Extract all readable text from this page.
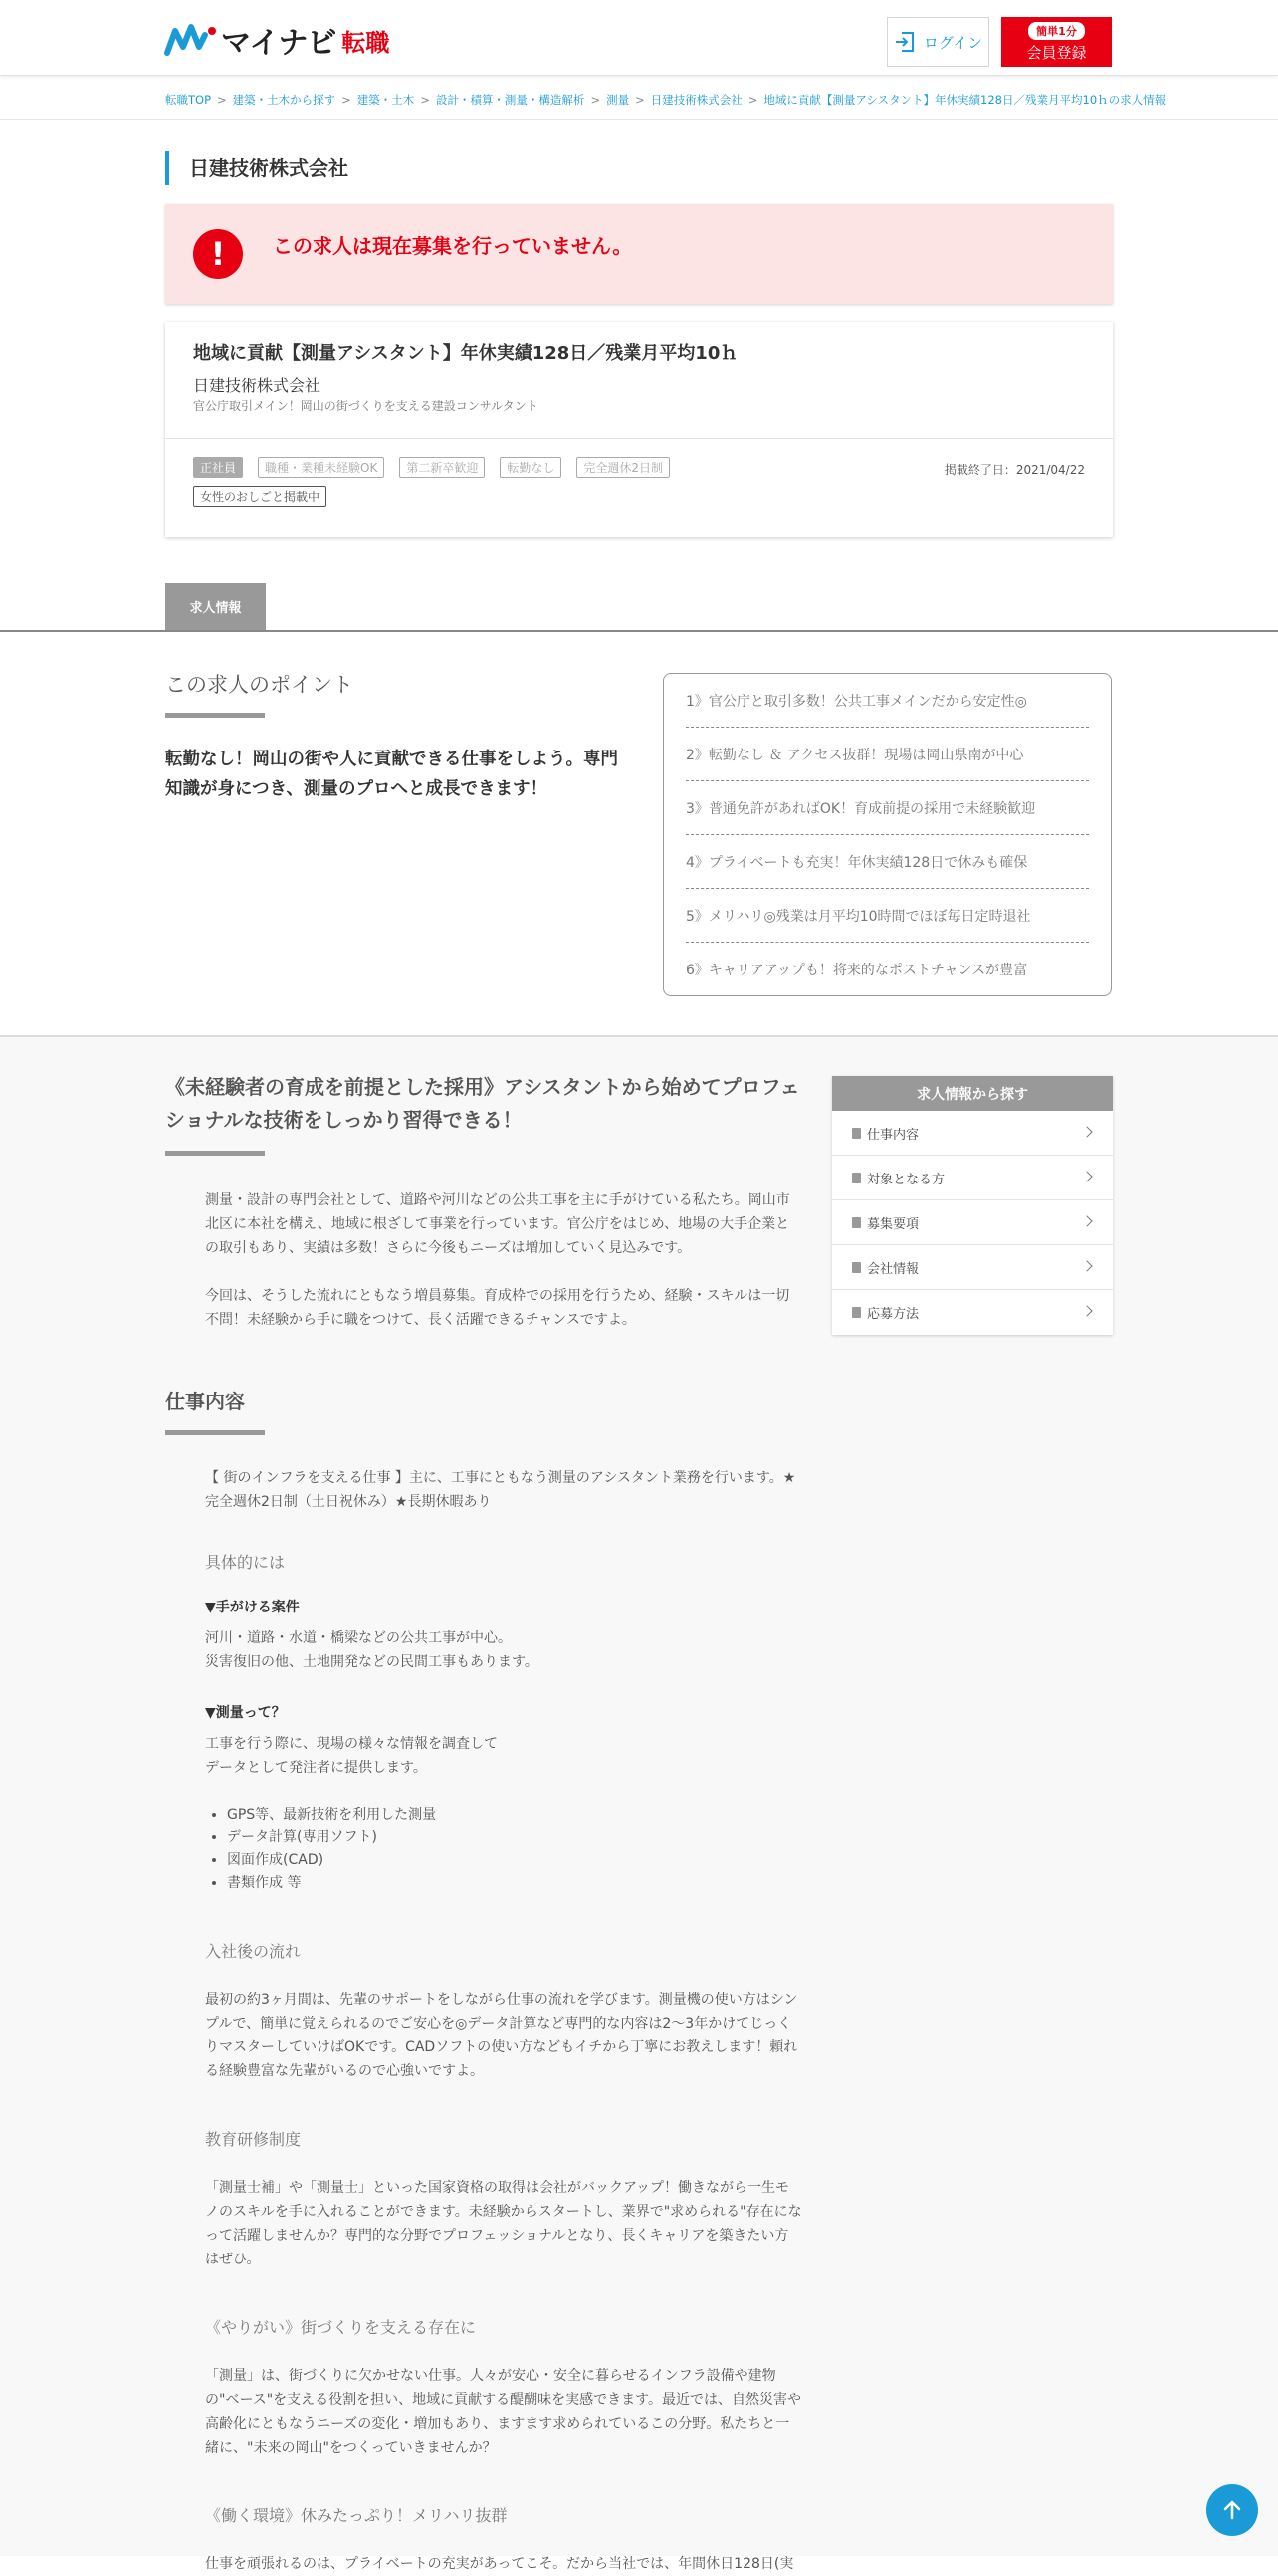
マイナビ 転職	ログイン
簡単1分
会員登録
転職TOP > 建築・土木から探す > 建築・土木 > 設計・積算・測量・構造解析 > 測量 > 日建技術株式会社 > 地域に貢献【測量アシスタント】年休実績128日／残業月平均10ｈの求人情報
日建技術株式会社
!	この求人は現在募集を行っていません。
地域に貢献【測量アシスタント】年休実績128日／残業月平均10ｈ
日建技術株式会社
官公庁取引メイン！岡山の街づくりを支える建設コンサルタント
正社員	職種・業種未経験OK	第二新卒歓迎	転勤なし	完全週休2日制
女性のおしごと掲載中
掲載終了日：2021/04/22
求人情報
この求人のポイント
転勤なし！岡山の街や人に貢献できる仕事をしよう。専門知識が身につき、測量のプロへと成長できます！
1》官公庁と取引多数！公共工事メインだから安定性◎
2》転勤なし ＆ アクセス抜群！現場は岡山県南が中心
3》普通免許があればOK！育成前提の採用で未経験歓迎
4》プライベートも充実！年休実績128日で休みも確保
5》メリハリ◎残業は月平均10時間でほぼ毎日定時退社
6》キャリアアップも！将来的なポストチャンスが豊富
《未経験者の育成を前提とした採用》アシスタントから始めてプロフェショナルな技術をしっかり習得できる！

測量・設計の専門会社として、道路や河川などの公共工事を主に手がけている私たち。岡山市北区に本社を構え、地域に根ざして事業を行っています。官公庁をはじめ、地場の大手企業との取引もあり、実績は多数！さらに今後もニーズは増加していく見込みです。

今回は、そうした流れにともなう増員募集。育成枠での採用を行うため、経験・スキルは一切不問！未経験から手に職をつけて、長く活躍できるチャンスですよ。

仕事内容

【 街のインフラを支える仕事 】主に、工事にともなう測量のアシスタント業務を行います。★完全週休2日制（土日祝休み）★長期休暇あり

具体的には
▼手がける案件

河川・道路・水道・橋梁などの公共工事が中心。
災害復旧の他、土地開発などの民間工事もあります。

▼測量って？

工事を行う際に、現場の様々な情報を調査して
データとして発注者に提供します。

• GPS等、最新技術を利用した測量
• データ計算(専用ソフト)
• 図面作成(CAD)
• 書類作成 等
入社後の流れ

最初の約3ヶ月間は、先輩のサポートをしながら仕事の流れを学びます。測量機の使い方はシンプルで、簡単に覚えられるのでご安心を◎データ計算など専門的な内容は2～3年かけてじっくりマスターしていけばOKです。CADソフトの使い方などもイチから丁寧にお教えします！頼れる経験豊富な先輩がいるので心強いですよ。

教育研修制度

「測量士補」や「測量士」といった国家資格の取得は会社がバックアップ！働きながら一生モノのスキルを手に入れることができます。未経験からスタートし、業界で"求められる"存在になって活躍しませんか？専門的な分野でプロフェッショナルとなり、長くキャリアを築きたい方はぜひ。

《やりがい》街づくりを支える存在に

「測量」は、街づくりに欠かせない仕事。人々が安心・安全に暮らせるインフラ設備や建物の"ベース"を支える役割を担い、地域に貢献する醍醐味を実感できます。最近では、自然災害や高齢化にともなうニーズの変化・増加もあり、ますます求められているこの分野。私たちと一緒に、"未来の岡山"をつくっていきませんか？

《働く環境》休みたっぷり！メリハリ抜群

仕事を頑張れるのは、プライベートの充実があってこそ。だから当社では、年間休日128日(実

求人情報から探す
仕事内容
対象となる方
募集要項
会社情報
応募方法
